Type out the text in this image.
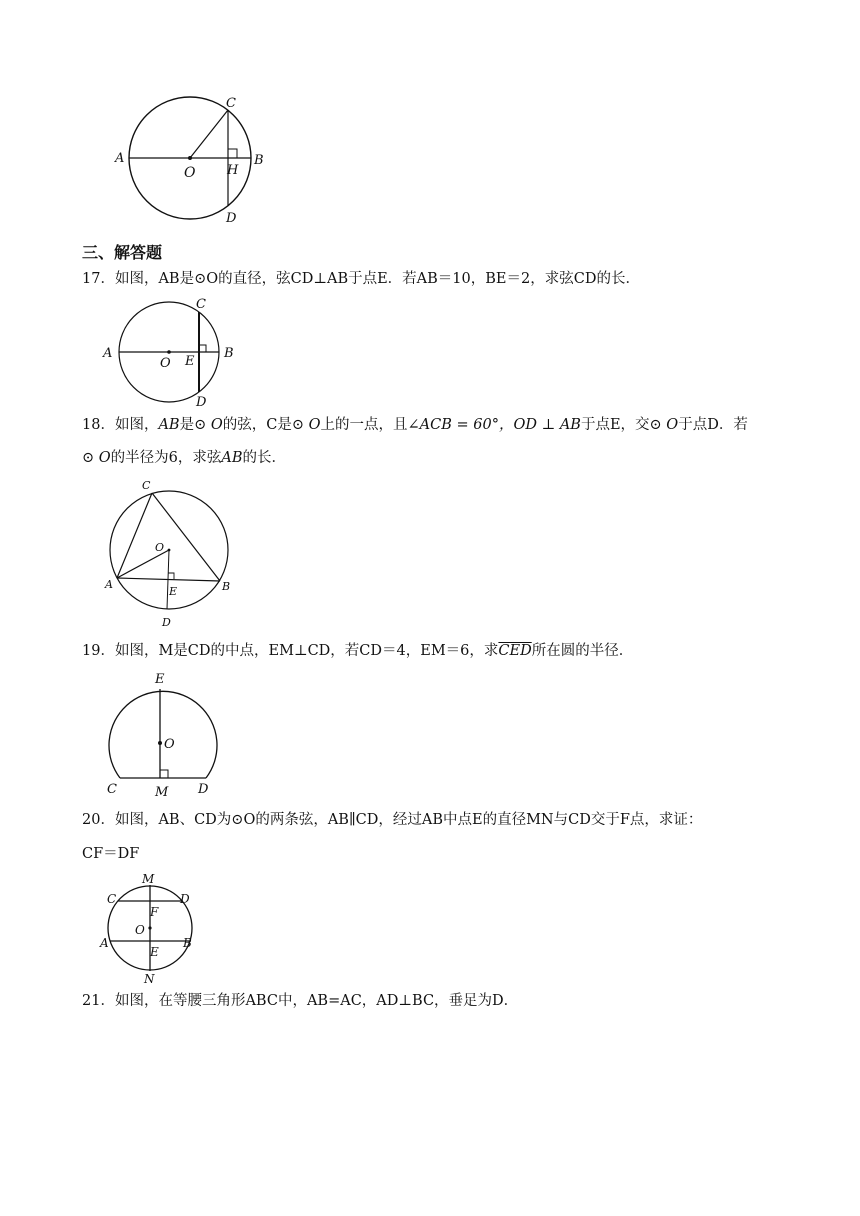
A	B
C
D
O H
三、解答题
17．如图，AB是⊙O的直径，弦CD⊥AB于点E．若AB＝10，BE＝2，求弦CD的长．
A	B
C
D
O E
18．如图，AB是⊙ O的弦，C是⊙ O上的一点，且∠ACB = 60°，OD ⊥ AB于点E，交⊙ O于点D．若
⊙ O的半径为6，求弦AB的长．
A	B
C
D
O
E
19．如图，M是CD的中点，EM⊥CD，若CD＝4，EM＝6，求$\overline{CED}$所在圆的半径．
C	D
E
M
O
20．如图，AB、CD为⊙O的两条弦，AB∥CD，经过AB中点E的直径MN与CD交于F点，求证：
CF＝DF
M
N
C	D
A	B
F
E
O
21．如图，在等腰三角形ABC中，AB=AC，AD⊥BC，垂足为D．
